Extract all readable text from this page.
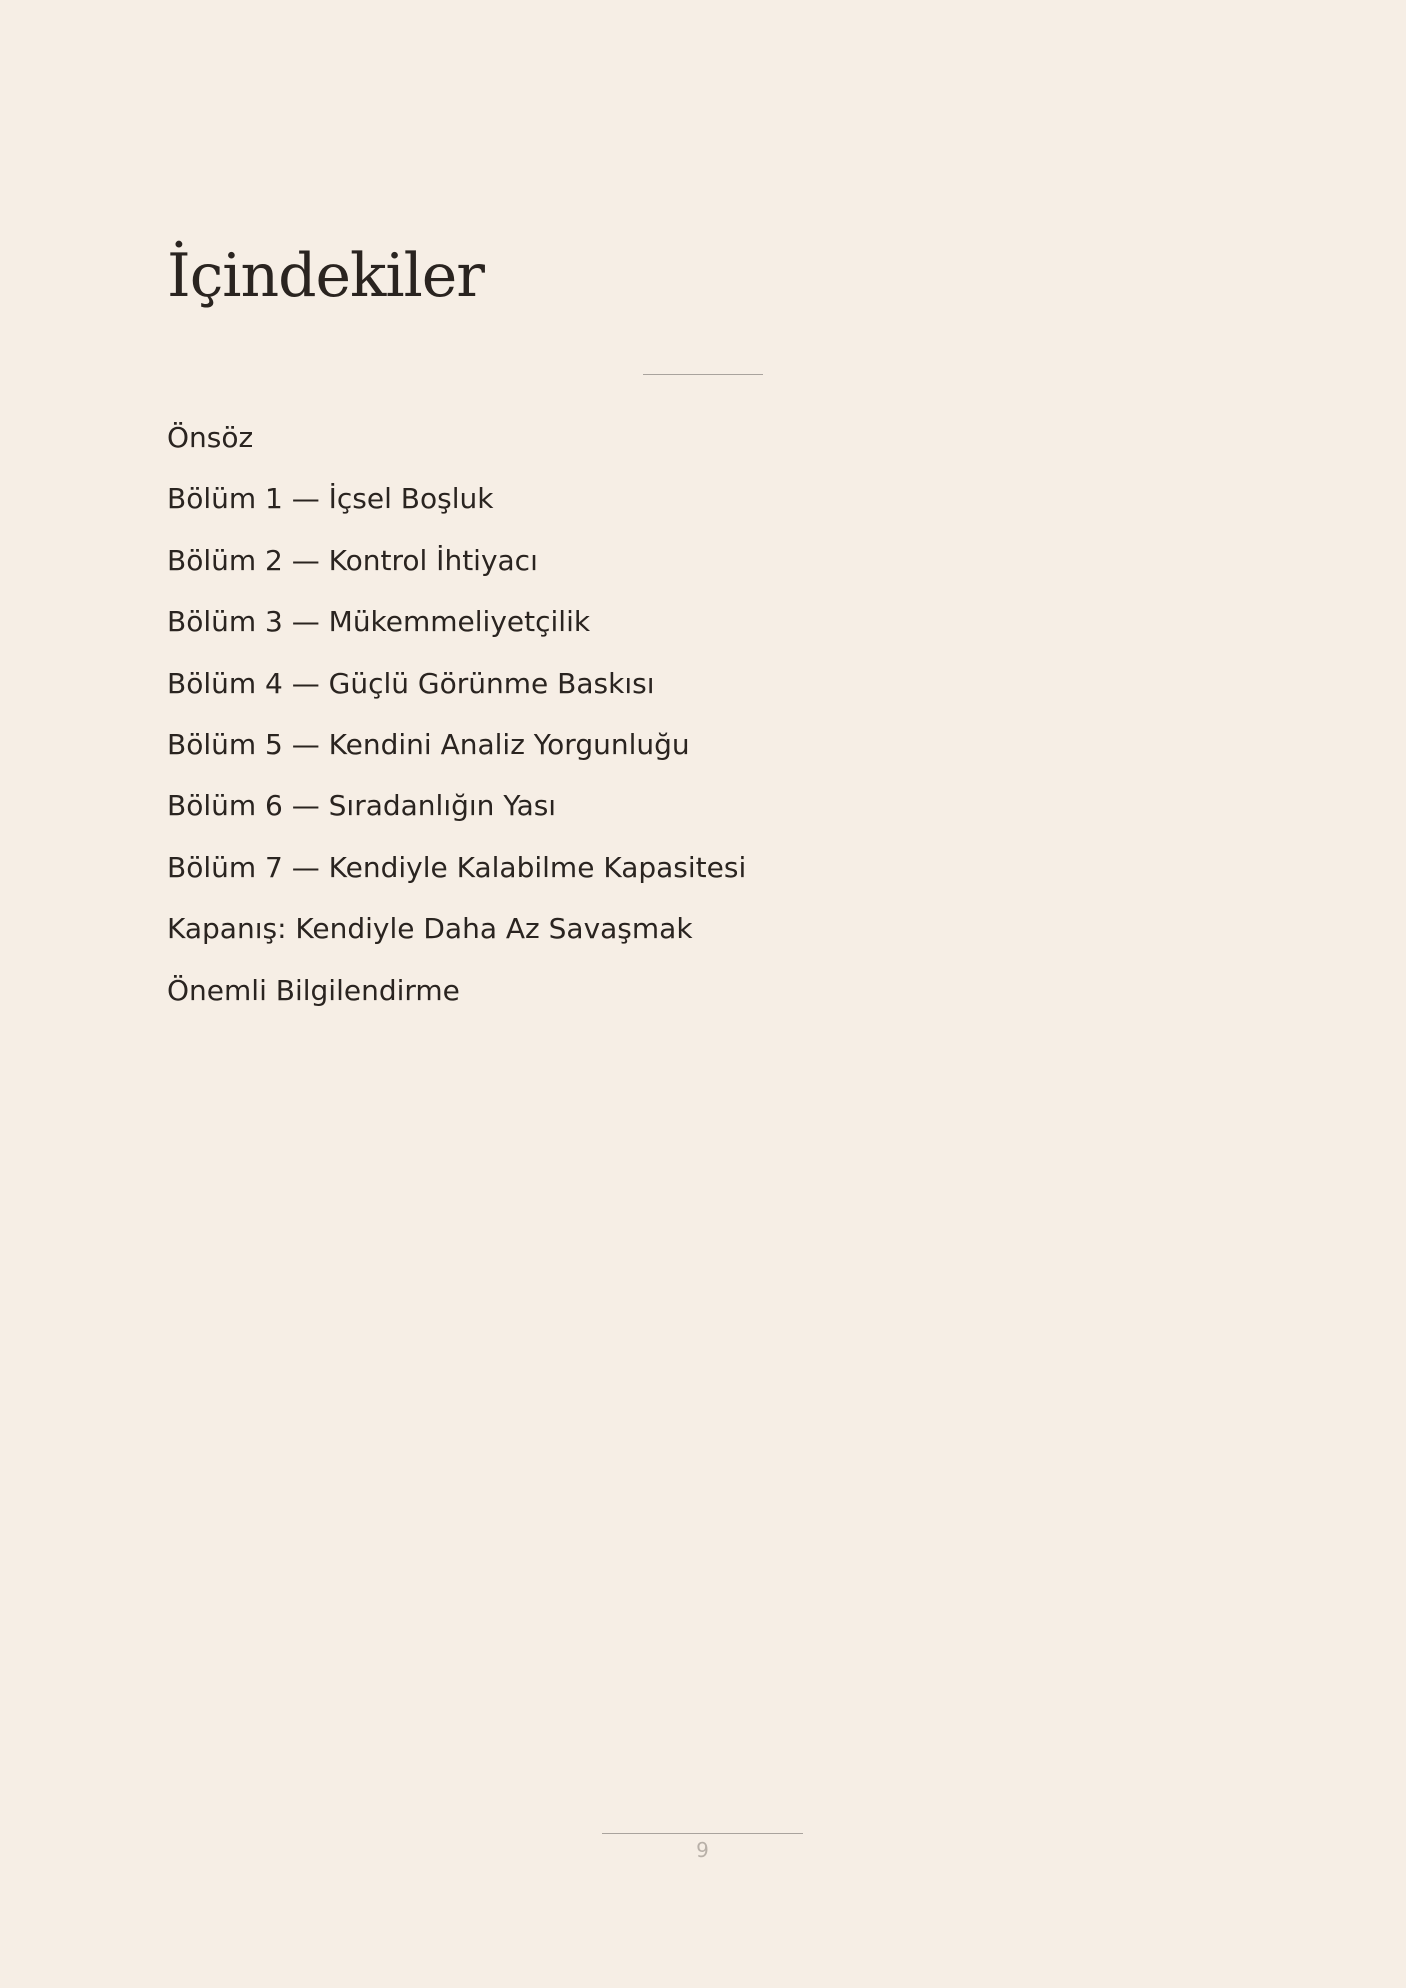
İçindekiler
Önsöz
Bölüm 1 — İçsel Boşluk
Bölüm 2 — Kontrol İhtiyacı
Bölüm 3 — Mükemmeliyetçilik
Bölüm 4 — Güçlü Görünme Baskısı
Bölüm 5 — Kendini Analiz Yorgunluğu
Bölüm 6 — Sıradanlığın Yası
Bölüm 7 — Kendiyle Kalabilme Kapasitesi
Kapanış: Kendiyle Daha Az Savaşmak
Önemli Bilgilendirme
9
